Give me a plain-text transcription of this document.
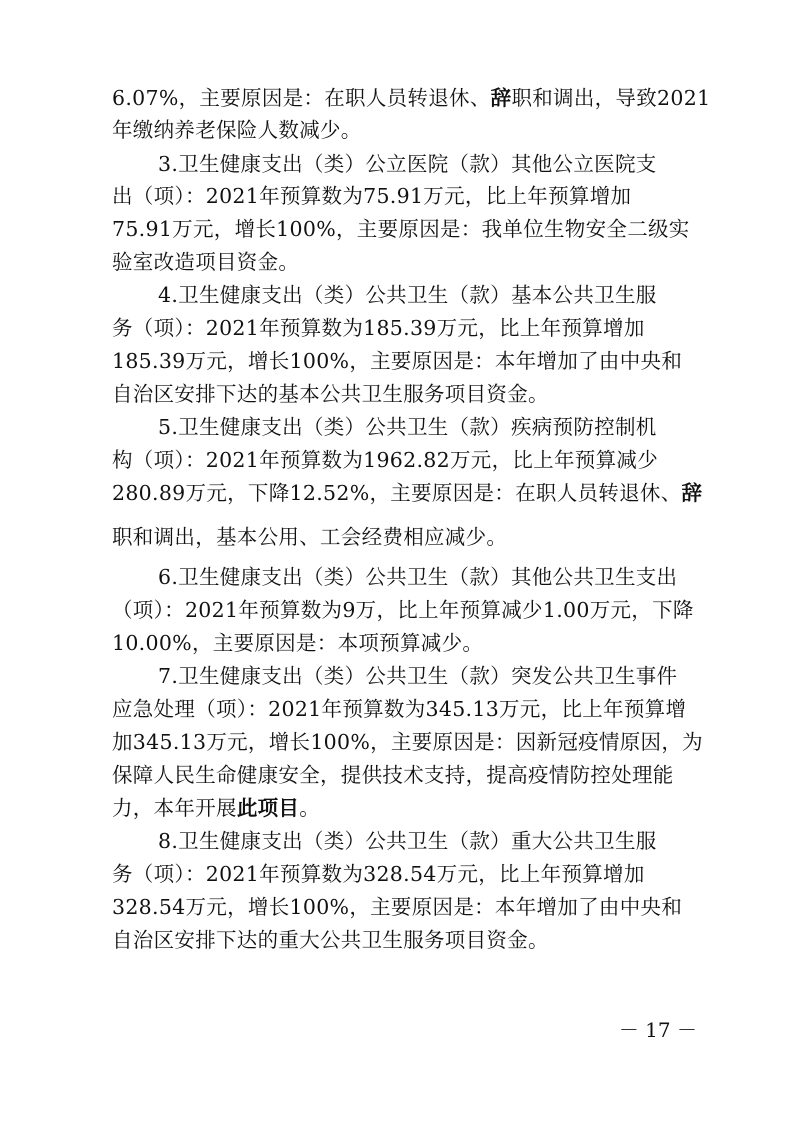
6.07%，主要原因是：在职人员转退休、辞职和调出，导致2021
年缴纳养老保险人数减少。
3.卫生健康支出（类）公立医院（款）其他公立医院支
出（项）：2021年预算数为75.91万元，比上年预算增加
75.91万元，增长100%，主要原因是：我单位生物安全二级实
验室改造项目资金。
4.卫生健康支出（类）公共卫生（款）基本公共卫生服
务（项）：2021年预算数为185.39万元，比上年预算增加
185.39万元，增长100%，主要原因是：本年增加了由中央和
自治区安排下达的基本公共卫生服务项目资金。
5.卫生健康支出（类）公共卫生（款）疾病预防控制机
构（项）：2021年预算数为1962.82万元，比上年预算减少
280.89万元，下降12.52%，主要原因是：在职人员转退休、辞
职和调出，基本公用、工会经费相应减少。
6.卫生健康支出（类）公共卫生（款）其他公共卫生支出
（项）：2021年预算数为9万，比上年预算减少1.00万元，下降
10.00%，主要原因是：本项预算减少。
7.卫生健康支出（类）公共卫生（款）突发公共卫生事件
应急处理（项）：2021年预算数为345.13万元，比上年预算增
加345.13万元，增长100%，主要原因是：因新冠疫情原因，为
保障人民生命健康安全，提供技术支持，提高疫情防控处理能
力，本年开展此项目。
8.卫生健康支出（类）公共卫生（款）重大公共卫生服
务（项）：2021年预算数为328.54万元，比上年预算增加
328.54万元，增长100%，主要原因是：本年增加了由中央和
自治区安排下达的重大公共卫生服务项目资金。
－ 17 －
